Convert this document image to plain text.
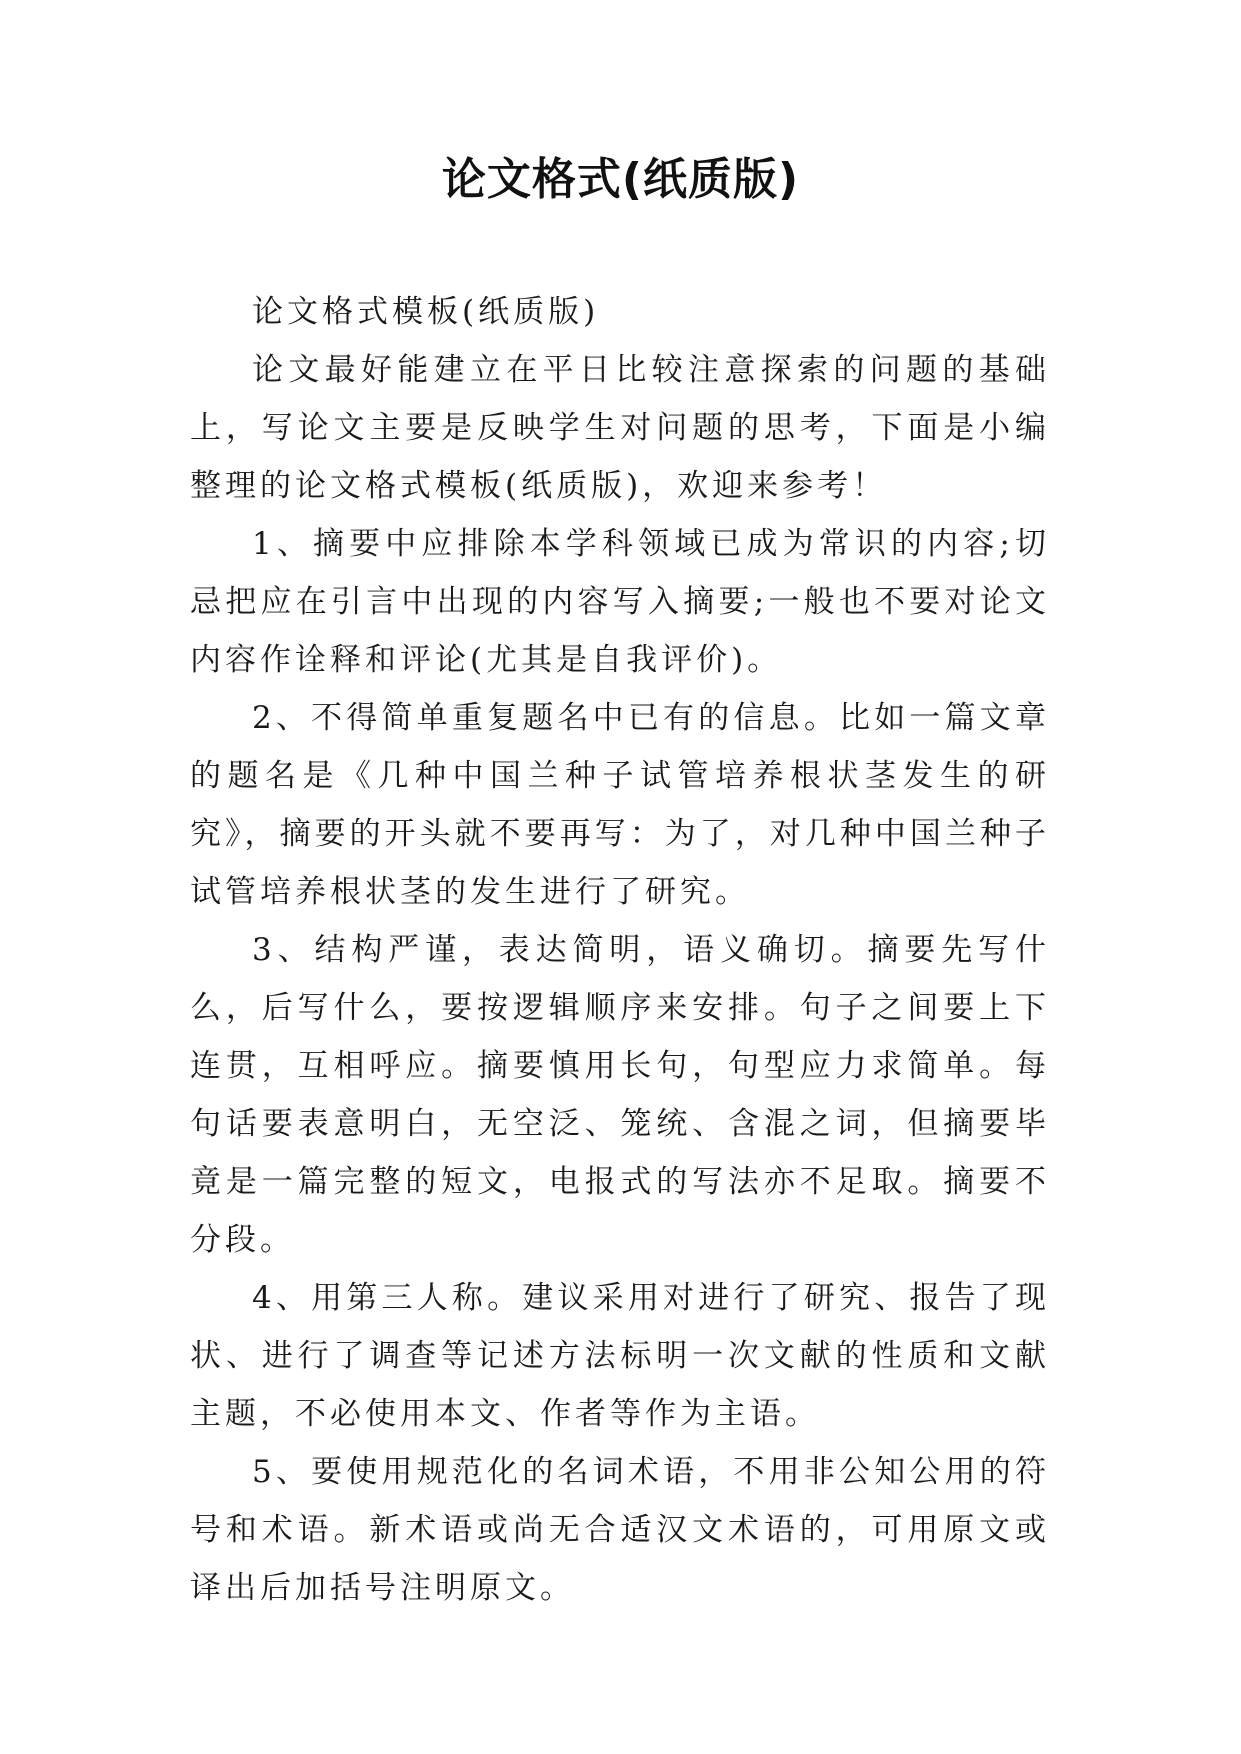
论文格式(纸质版)

论文格式模板(纸质版)

论文最好能建立在平日比较注意探索的问题的基础上，写论文主要是反映学生对问题的思考，下面是小编整理的论文格式模板(纸质版)，欢迎来参考！

1、摘要中应排除本学科领域已成为常识的内容;切忌把应在引言中出现的内容写入摘要;一般也不要对论文内容作诠释和评论(尤其是自我评价)。

2、不得简单重复题名中已有的信息。比如一篇文章的题名是《几种中国兰种子试管培养根状茎发生的研究》，摘要的开头就不要再写：为了，对几种中国兰种子试管培养根状茎的发生进行了研究。

3、结构严谨，表达简明，语义确切。摘要先写什么，后写什么，要按逻辑顺序来安排。句子之间要上下连贯，互相呼应。摘要慎用长句，句型应力求简单。每句话要表意明白，无空泛、笼统、含混之词，但摘要毕竟是一篇完整的短文，电报式的写法亦不足取。摘要不分段。

4、用第三人称。建议采用对进行了研究、报告了现状、进行了调查等记述方法标明一次文献的性质和文献主题，不必使用本文、作者等作为主语。

5、要使用规范化的名词术语，不用非公知公用的符号和术语。新术语或尚无合适汉文术语的，可用原文或译出后加括号注明原文。
